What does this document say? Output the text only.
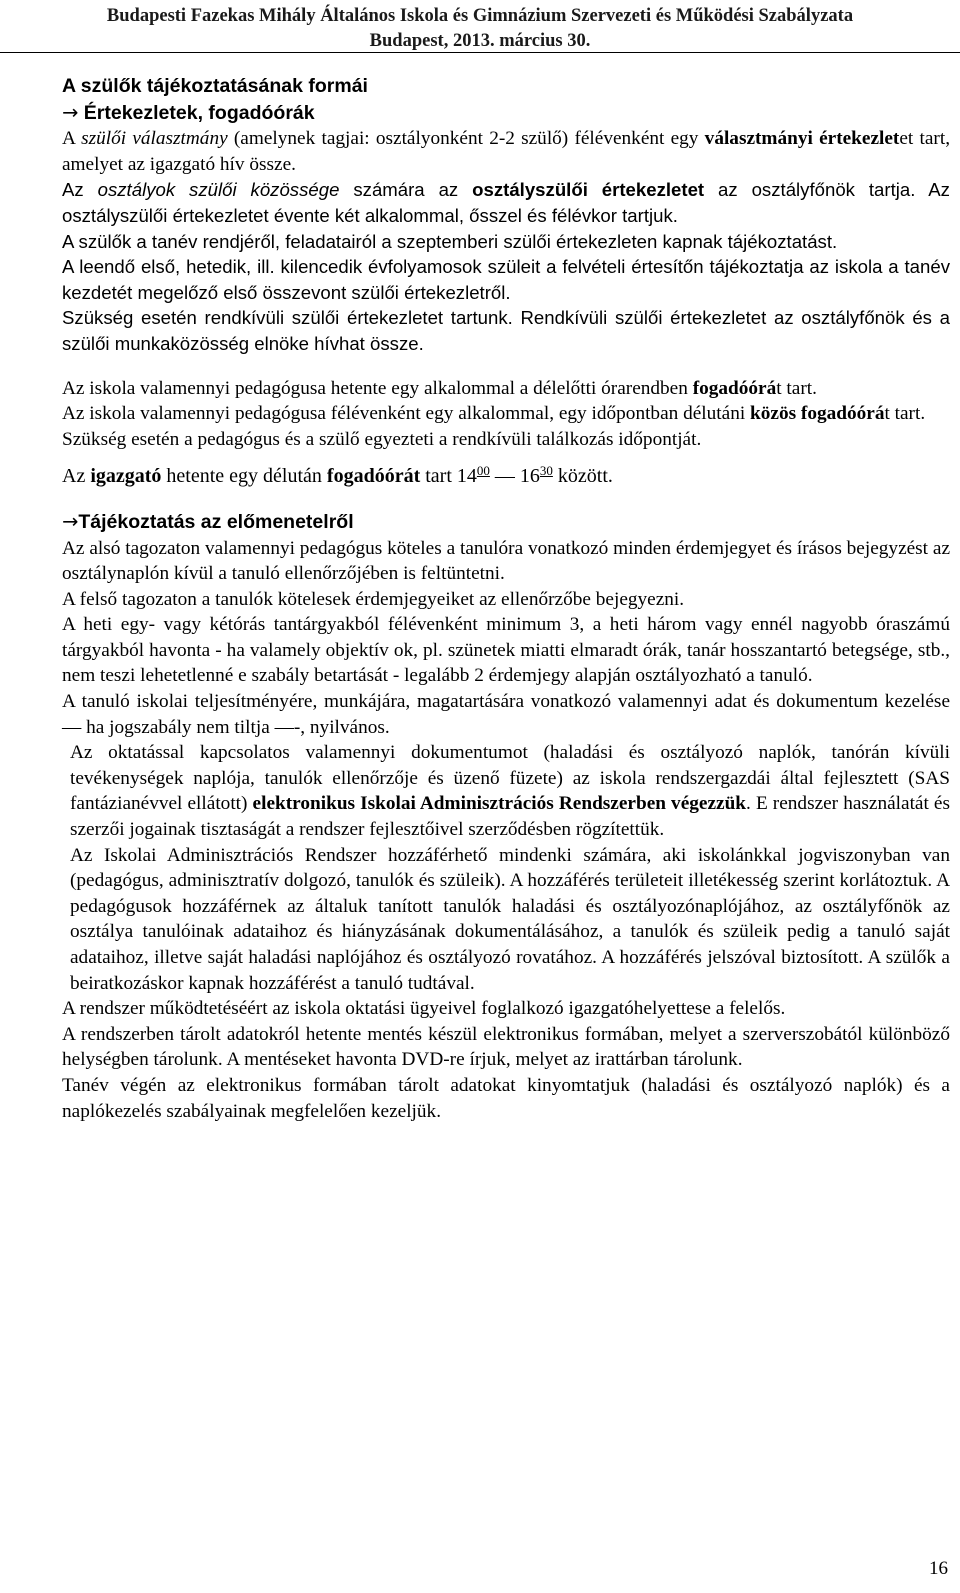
Budapesti Fazekas Mihály Általános Iskola és Gimnázium Szervezeti és Működési Szabályzata
Budapest, 2013. március 30.

A szülők tájékoztatásának formái

→ Értekezletek, fogadóórák

A szülői választmány (amelynek tagjai: osztályonként 2-2 szülő) félévenként egy választmányi értekezletet tart, amelyet az igazgató hív össze.

Az osztályok szülői közössége számára az osztályszülői értekezletet az osztályfőnök tartja. Az osztályszülői értekezletet évente két alkalommal, ősszel és félévkor tartjuk.

A szülők a tanév rendjéről, feladatairól a szeptemberi szülői értekezleten kapnak tájékoztatást.

A leendő első, hetedik, ill. kilencedik évfolyamosok szüleit a felvételi értesítőn tájékoztatja az iskola a tanév kezdetét megelőző első összevont szülői értekezletről.

Szükség esetén rendkívüli szülői értekezletet tartunk. Rendkívüli szülői értekezletet az osztályfőnök és a szülői munkaközösség elnöke hívhat össze.

Az iskola valamennyi pedagógusa hetente egy alkalommal a délelőtti órarendben fogadóórát tart.

Az iskola valamennyi pedagógusa félévenként egy alkalommal, egy időpontban délutáni közös fogadóórát tart.

Szükség esetén a pedagógus és a szülő egyezteti a rendkívüli találkozás időpontját.

Az igazgató hetente egy délután fogadóórát tart $14^{00}$ — $16^{30}$ között.

→Tájékoztatás az előmenetelről

Az alsó tagozaton valamennyi pedagógus köteles a tanulóra vonatkozó minden érdemjegyet és írásos bejegyzést az osztálynaplón kívül a tanuló ellenőrzőjében is feltüntetni.

A felső tagozaton a tanulók kötelesek érdemjegyeiket az ellenőrzőbe bejegyezni.

A heti egy- vagy kétórás tantárgyakból félévenként minimum 3, a heti három vagy ennél nagyobb óraszámú tárgyakból havonta - ha valamely objektív ok, pl. szünetek miatti elmaradt órák, tanár hosszantartó betegsége, stb., nem teszi lehetetlenné e szabály betartását - legalább 2 érdemjegy alapján osztályozható a tanuló.

A tanuló iskolai teljesítményére, munkájára, magatartására vonatkozó valamennyi adat és dokumentum kezelése — ha jogszabály nem tiltja —-, nyilvános.

Az oktatással kapcsolatos valamennyi dokumentumot (haladási és osztályozó naplók, tanórán kívüli tevékenységek naplója, tanulók ellenőrzője és üzenő füzete) az iskola rendszergazdái által fejlesztett (SAS fantázianévvel ellátott) elektronikus Iskolai Adminisztrációs Rendszerben végezzük. E rendszer használatát és szerzői jogainak tisztaságát a rendszer fejlesztőivel szerződésben rögzítettük.

Az Iskolai Adminisztrációs Rendszer hozzáférhető mindenki számára, aki iskolánkkal jogviszonyban van (pedagógus, adminisztratív dolgozó, tanulók és szüleik). A hozzáférés területeit illetékesség szerint korlátoztuk. A pedagógusok hozzáférnek az általuk tanított tanulók haladási és osztályozónaplójához, az osztályfőnök az osztálya tanulóinak adataihoz és hiányzásának dokumentálásához, a tanulók és szüleik pedig a tanuló saját adataihoz, illetve saját haladási naplójához és osztályozó rovatához. A hozzáférés jelszóval biztosított. A szülők a beiratkozáskor kapnak hozzáférést a tanuló tudtával.

A rendszer működtetéséért az iskola oktatási ügyeivel foglalkozó igazgatóhelyettese a felelős.

A rendszerben tárolt adatokról hetente mentés készül elektronikus formában, melyet a szerverszobától különböző helységben tárolunk. A mentéseket havonta DVD-re írjuk, melyet az irattárban tárolunk.

Tanév végén az elektronikus formában tárolt adatokat kinyomtatjuk (haladási és osztályozó naplók) és a naplókezelés szabályainak megfelelően kezeljük.

16
